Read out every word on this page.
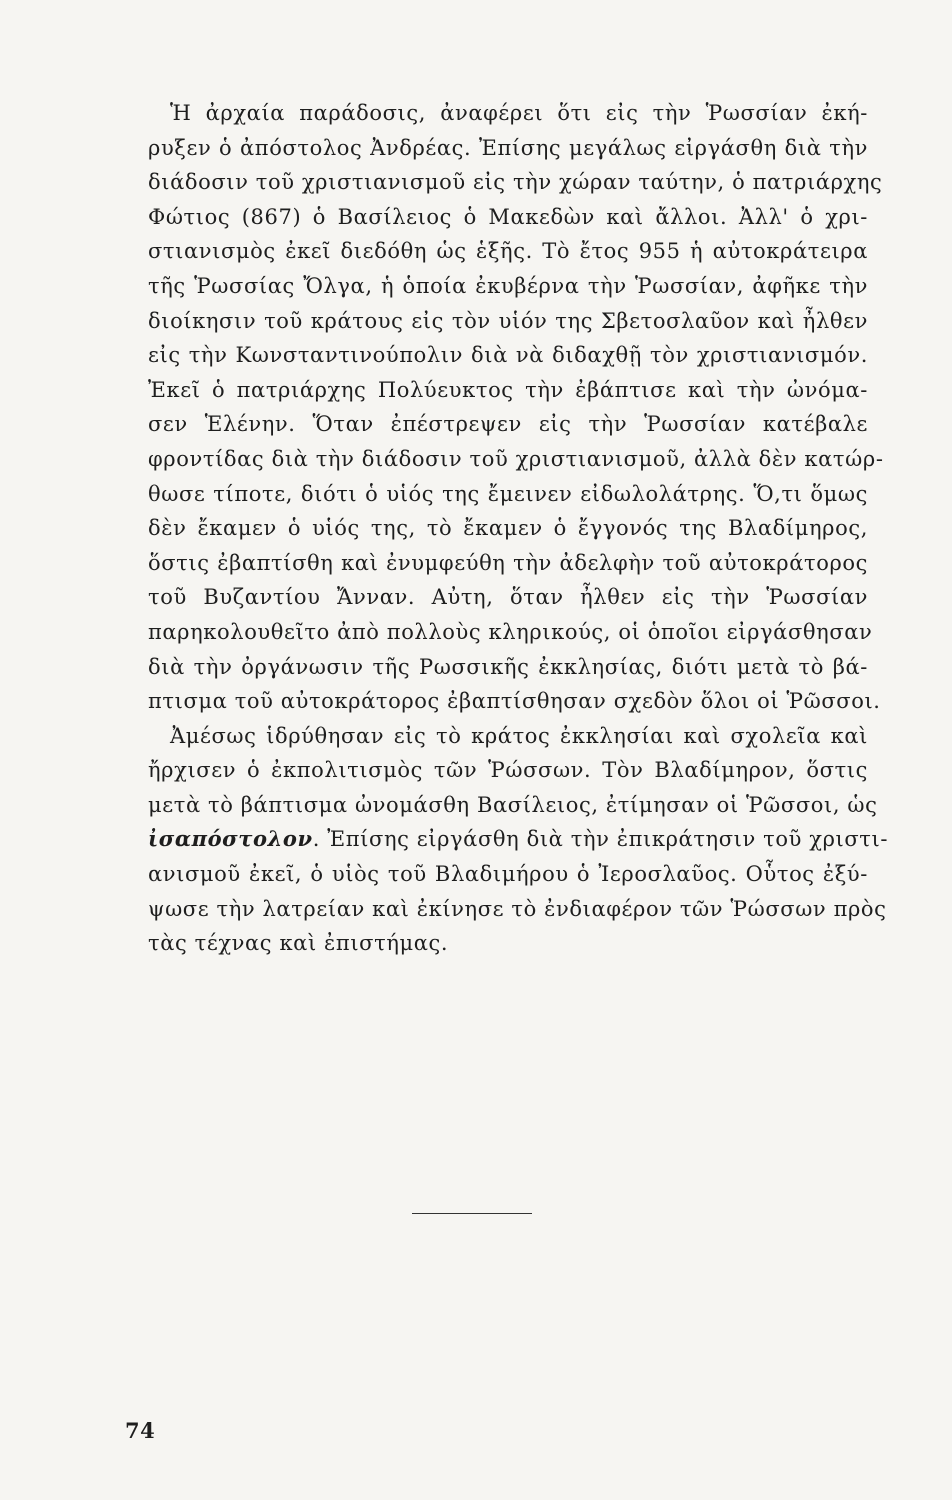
Ἡ ἀρχαία παράδοσις, ἀναφέρει ὅτι εἰς τὴν Ῥωσσίαν ἐκή-
ρυξεν ὁ ἀπόστολος Ἀνδρέας. Ἐπίσης μεγάλως εἰργάσθη διὰ τὴν
διάδοσιν τοῦ χριστιανισμοῦ εἰς τὴν χώραν ταύτην, ὁ πατριάρχης
Φώτιος (867) ὁ Βασίλειος ὁ Μακεδὼν καὶ ἄλλοι. Ἀλλ' ὁ χρι-
στιανισμὸς ἐκεῖ διεδόθη ὡς ἑξῆς. Τὸ ἔτος 955 ἡ αὐτοκράτειρα
τῆς Ῥωσσίας Ὄλγα, ἡ ὁποία ἐκυβέρνα τὴν Ῥωσσίαν, ἀφῆκε τὴν
διοίκησιν τοῦ κράτους εἰς τὸν υἱόν της Σβετοσλαῦον καὶ ἦλθεν
εἰς τὴν Κωνσταντινούπολιν διὰ νὰ διδαχθῇ τὸν χριστιανισμόν.
Ἐκεῖ ὁ πατριάρχης Πολύευκτος τὴν ἐβάπτισε καὶ τὴν ὠνόμα-
σεν Ἑλένην. Ὅταν ἐπέστρεψεν εἰς τὴν Ῥωσσίαν κατέβαλε
φροντίδας διὰ τὴν διάδοσιν τοῦ χριστιανισμοῦ, ἀλλὰ δὲν κατώρ-
θωσε τίποτε, διότι ὁ υἱός της ἔμεινεν εἰδωλολάτρης. Ὅ,τι ὅμως
δὲν ἔκαμεν ὁ υἱός της, τὸ ἔκαμεν ὁ ἔγγονός της Βλαδίμηρος,
ὅστις ἐβαπτίσθη καὶ ἐνυμφεύθη τὴν ἀδελφὴν τοῦ αὐτοκράτορος
τοῦ Βυζαντίου Ἄνναν. Αὐτη, ὅταν ἦλθεν εἰς τὴν Ῥωσσίαν
παρηκολουθεῖτο ἀπὸ πολλοὺς κληρικούς, οἱ ὁποῖοι εἰργάσθησαν
διὰ τὴν ὀργάνωσιν τῆς Ρωσσικῆς ἐκκλησίας, διότι μετὰ τὸ βά-
πτισμα τοῦ αὐτοκράτορος ἐβαπτίσθησαν σχεδὸν ὅλοι οἱ Ῥῶσσοι.
Ἀμέσως ἱδρύθησαν εἰς τὸ κράτος ἐκκλησίαι καὶ σχολεῖα καὶ
ἤρχισεν ὁ ἐκπολιτισμὸς τῶν Ῥώσσων. Τὸν Βλαδίμηρον, ὅστις
μετὰ τὸ βάπτισμα ὠνομάσθη Βασίλειος, ἐτίμησαν οἱ Ῥῶσσοι, ὡς
ἰσαπόστολον. Ἐπίσης εἰργάσθη διὰ τὴν ἐπικράτησιν τοῦ χριστι-
ανισμοῦ ἐκεῖ, ὁ υἱὸς τοῦ Βλαδιμήρου ὁ Ἰεροσλαῦος. Οὗτος ἐξύ-
ψωσε τὴν λατρείαν καὶ ἐκίνησε τὸ ἐνδιαφέρον τῶν Ῥώσσων πρὸς
τὰς τέχνας καὶ ἐπιστήμας.
74
